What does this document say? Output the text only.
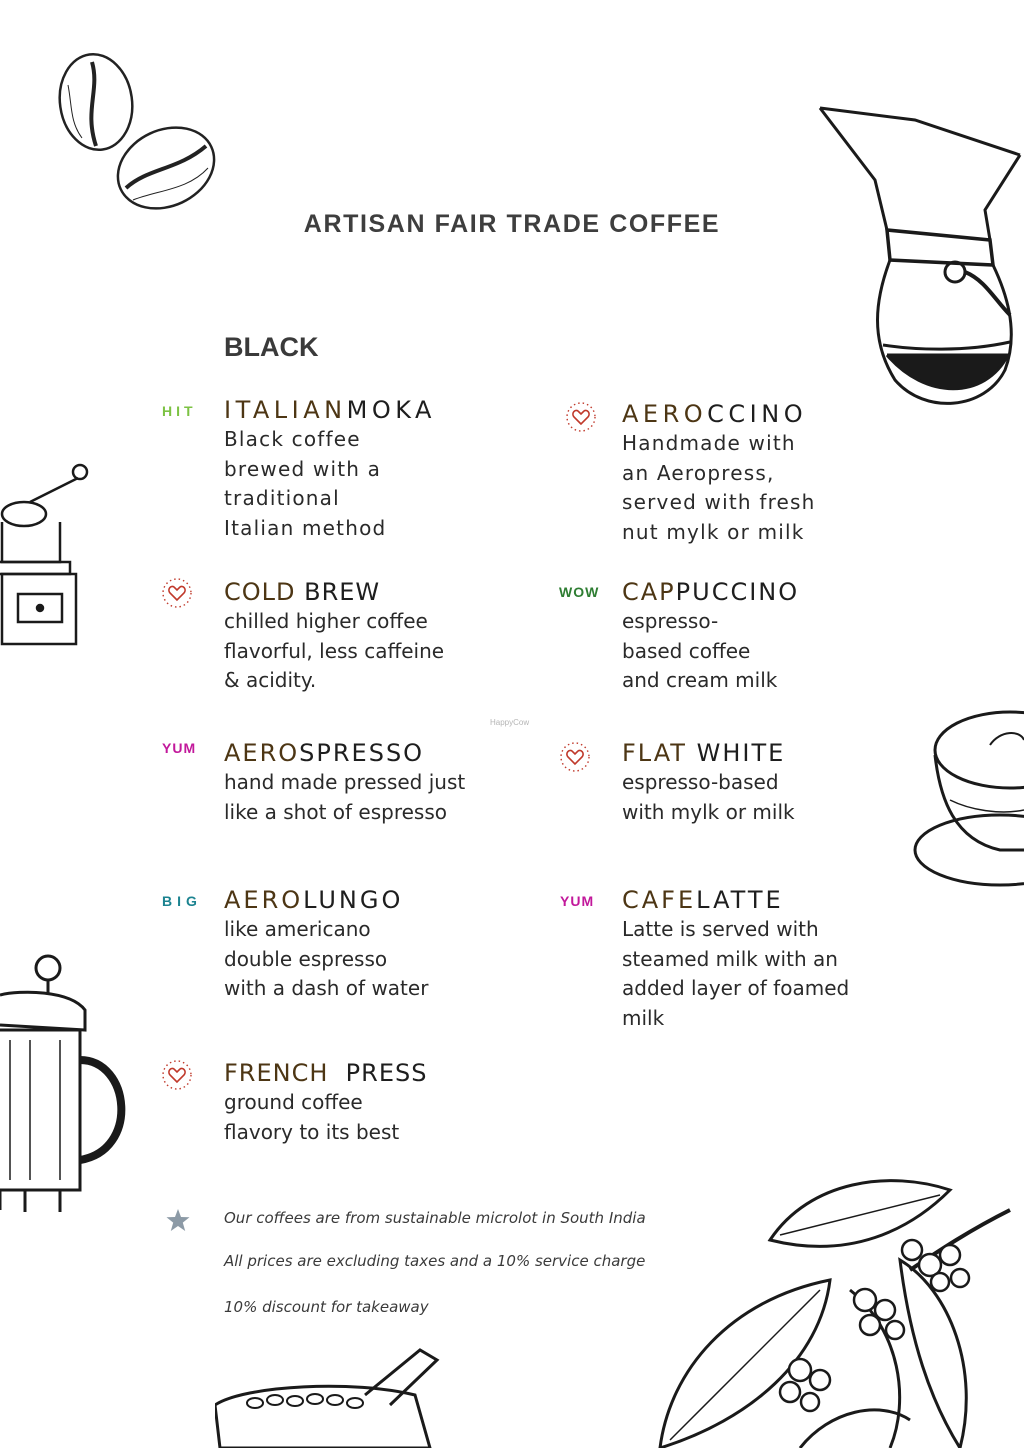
ARTISAN FAIR TRADE COFFEE
BLACK
HIT ITALIANMOKA
Black coffee
brewed with a
traditional
Italian method
AEROCCINO
Handmade with
an Aeropress,
served with fresh
nut mylk or milk
COLD BREW
chilled higher coffee
flavorful, less caffeine
& acidity.
WOW CAPPUCCINO
espresso-
based coffee
and cream milk
YUM AEROSPRESSO
hand made pressed just
like a shot of espresso
FLAT WHITE
espresso-based
with mylk or milk
BIG AEROLUNGO
like americano
double espresso
with a dash of water
YUM CAFELATTE
Latte is served with
steamed milk with an
added layer of foamed
milk
FRENCH  PRESS
ground coffee
flavory to its best
HappyCow
Our coffees are from sustainable microlot in South India
All prices are excluding taxes and a 10% service charge
10% discount for takeaway
